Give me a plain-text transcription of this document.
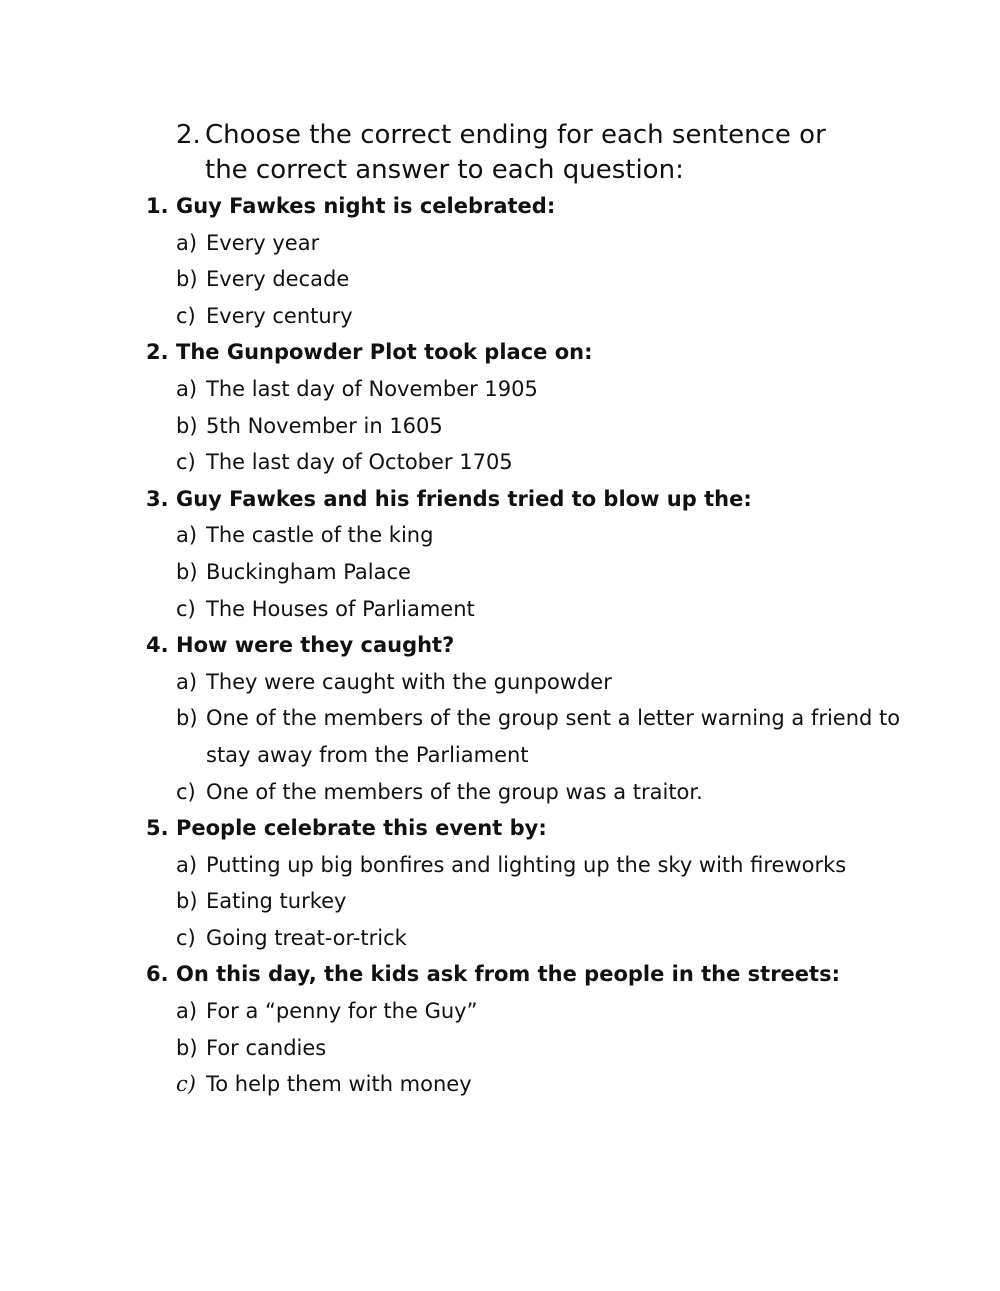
2. Choose the correct ending for each sentence or the correct answer to each question:
1. Guy Fawkes night is celebrated:
a) Every year
b) Every decade
c) Every century
2. The Gunpowder Plot took place on:
a) The last day of November 1905
b) 5th November in 1605
c) The last day of October 1705
3. Guy Fawkes and his friends tried to blow up the:
a) The castle of the king
b) Buckingham Palace
c) The Houses of Parliament
4. How were they caught?
a) They were caught with the gunpowder
b) One of the members of the group sent a letter warning a friend to stay away from the Parliament
c) One of the members of the group was a traitor.
5. People celebrate this event by:
a) Putting up big bonfires and lighting up the sky with fireworks
b) Eating turkey
c) Going treat-or-trick
6. On this day, the kids ask from the people in the streets:
a) For a “penny for the Guy”
b) For candies
c) To help them with money
